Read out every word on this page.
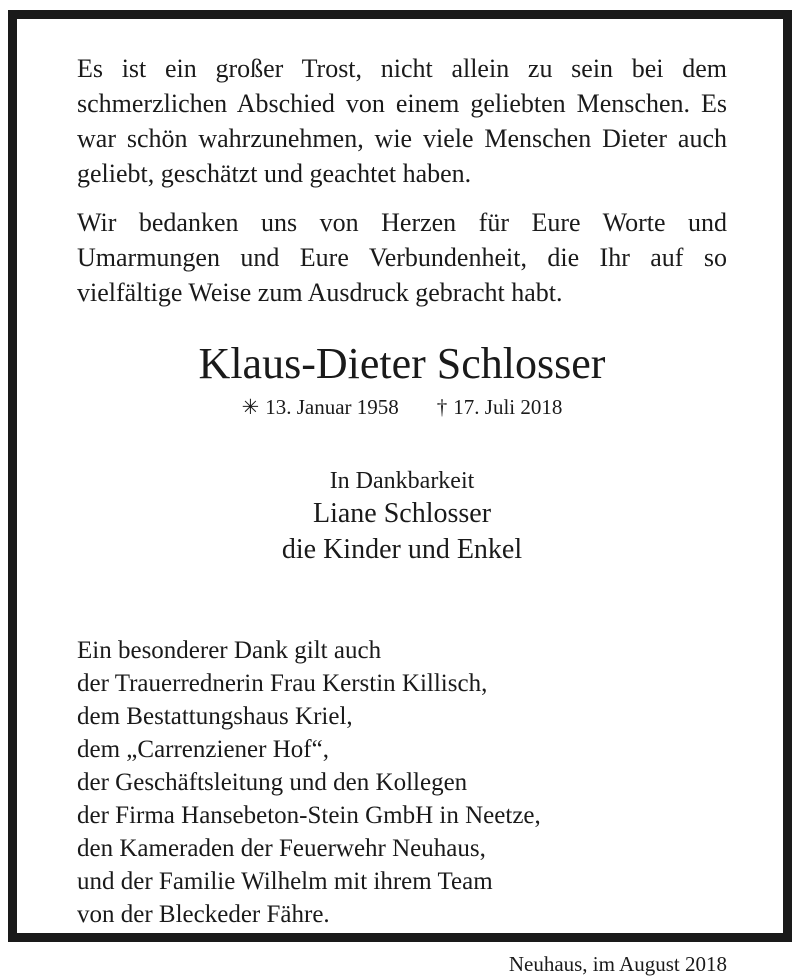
Es ist ein großer Trost, nicht allein zu sein bei dem schmerzlichen Abschied von einem geliebten Menschen. Es war schön wahrzunehmen, wie viele Menschen Dieter auch geliebt, geschätzt und geachtet haben.

Wir bedanken uns von Herzen für Eure Worte und Umarmungen und Eure Verbundenheit, die Ihr auf so vielfältige Weise zum Ausdruck gebracht habt.

Klaus-Dieter Schlosser
✳ 13. Januar 1958 † 17. Juli 2018
In Dankbarkeit
Liane Schlosser
die Kinder und Enkel
Ein besonderer Dank gilt auch
der Trauerrednerin Frau Kerstin Killisch,
dem Bestattungshaus Kriel,
dem „Carrenziener Hof“,
der Geschäftsleitung und den Kollegen
der Firma Hansebeton-Stein GmbH in Neetze,
den Kameraden der Feuerwehr Neuhaus,
und der Familie Wilhelm mit ihrem Team
von der Bleckeder Fähre.
Neuhaus, im August 2018
